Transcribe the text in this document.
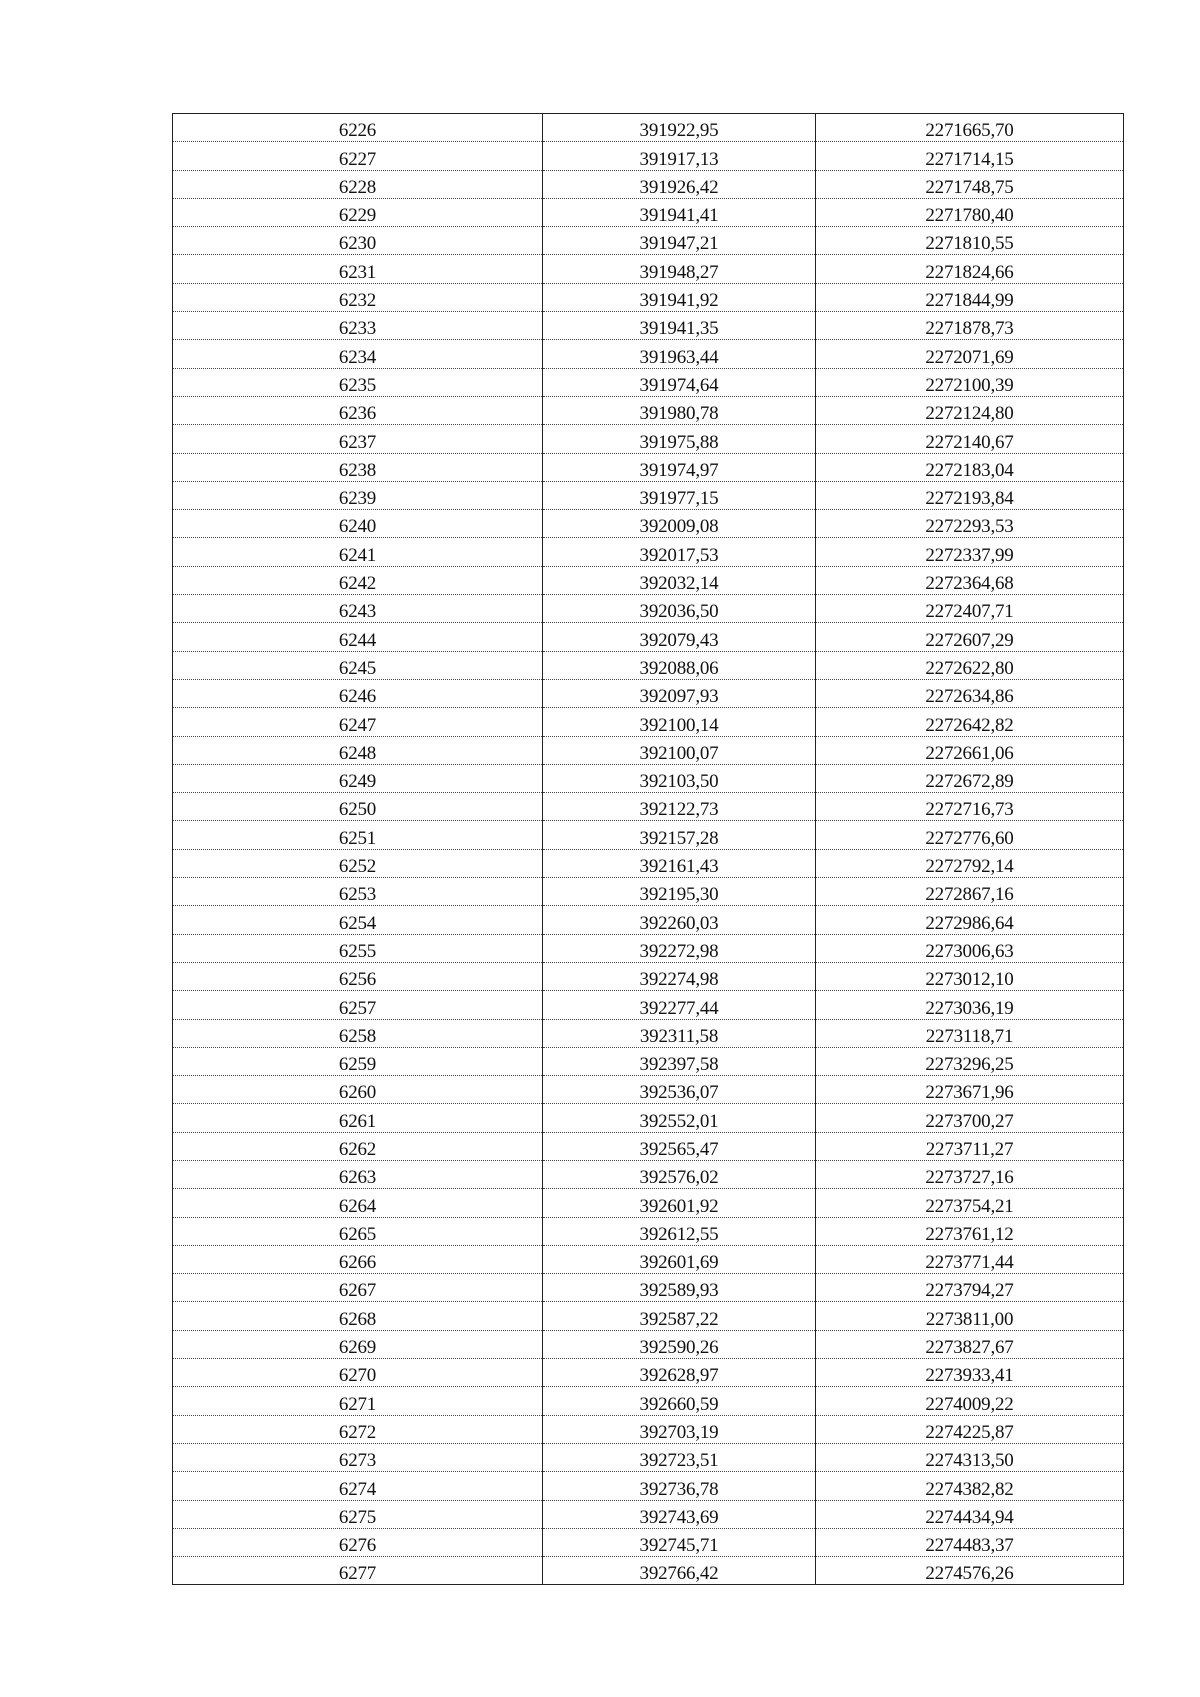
6226	391922,95	2271665,70
6227	391917,13	2271714,15
6228	391926,42	2271748,75
6229	391941,41	2271780,40
6230	391947,21	2271810,55
6231	391948,27	2271824,66
6232	391941,92	2271844,99
6233	391941,35	2271878,73
6234	391963,44	2272071,69
6235	391974,64	2272100,39
6236	391980,78	2272124,80
6237	391975,88	2272140,67
6238	391974,97	2272183,04
6239	391977,15	2272193,84
6240	392009,08	2272293,53
6241	392017,53	2272337,99
6242	392032,14	2272364,68
6243	392036,50	2272407,71
6244	392079,43	2272607,29
6245	392088,06	2272622,80
6246	392097,93	2272634,86
6247	392100,14	2272642,82
6248	392100,07	2272661,06
6249	392103,50	2272672,89
6250	392122,73	2272716,73
6251	392157,28	2272776,60
6252	392161,43	2272792,14
6253	392195,30	2272867,16
6254	392260,03	2272986,64
6255	392272,98	2273006,63
6256	392274,98	2273012,10
6257	392277,44	2273036,19
6258	392311,58	2273118,71
6259	392397,58	2273296,25
6260	392536,07	2273671,96
6261	392552,01	2273700,27
6262	392565,47	2273711,27
6263	392576,02	2273727,16
6264	392601,92	2273754,21
6265	392612,55	2273761,12
6266	392601,69	2273771,44
6267	392589,93	2273794,27
6268	392587,22	2273811,00
6269	392590,26	2273827,67
6270	392628,97	2273933,41
6271	392660,59	2274009,22
6272	392703,19	2274225,87
6273	392723,51	2274313,50
6274	392736,78	2274382,82
6275	392743,69	2274434,94
6276	392745,71	2274483,37
6277	392766,42	2274576,26
